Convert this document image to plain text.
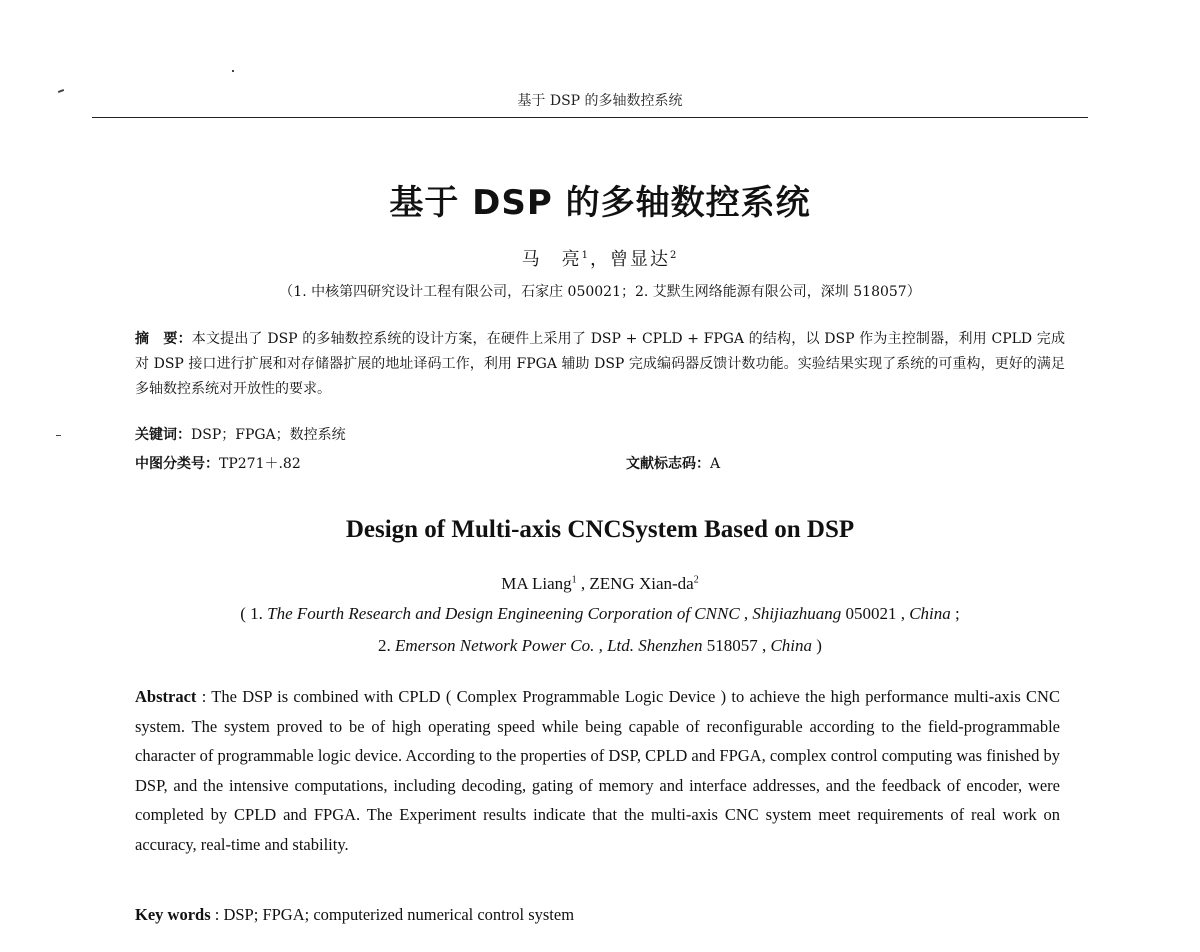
基于 DSP 的多轴数控系统
基于 DSP 的多轴数控系统
马　亮$^1$，曾显达$^2$
（1. 中核第四研究设计工程有限公司，石家庄 050021；2. 艾默生网络能源有限公司，深圳 518057）
摘　要：本文提出了 DSP 的多轴数控系统的设计方案，在硬件上采用了 DSP + CPLD + FPGA 的结构，以 DSP 作为主控制器，利用 CPLD 完成对 DSP 接口进行扩展和对存储器扩展的地址译码工作，利用 FPGA 辅助 DSP 完成编码器反馈计数功能。实验结果实现了系统的可重构，更好的满足多轴数控系统对开放性的要求。
关键词：DSP；FPGA；数控系统
中图分类号：TP271＋.82	文献标志码：A
Design of Multi-axis CNCSystem Based on DSP
MA Liang$^1$ , ZENG Xian-$da^2$
( 1. The Fourth Research and Design Engineening Corporation of CNNC , Shijiazhuang 050021 , China ;
2. Emerson Network Power Co. , Ltd. Shenzhen 518057 , China )
Abstract : The DSP is combined with CPLD ( Complex Programmable Logic Device ) to achieve the high performance multi-axis CNC system. The system proved to be of high operating speed while being capable of reconfigurable according to the field-programmable character of programmable logic device. According to the properties of DSP, CPLD and FPGA, complex control computing was finished by DSP, and the intensive computations, including decoding, gating of memory and interface addresses, and the feedback of encoder, were completed by CPLD and FPGA. The Experiment results indicate that the multi-axis CNC system meet requirements of real work on accuracy, real-time and stability.
Key words : DSP; FPGA; computerized numerical control system
